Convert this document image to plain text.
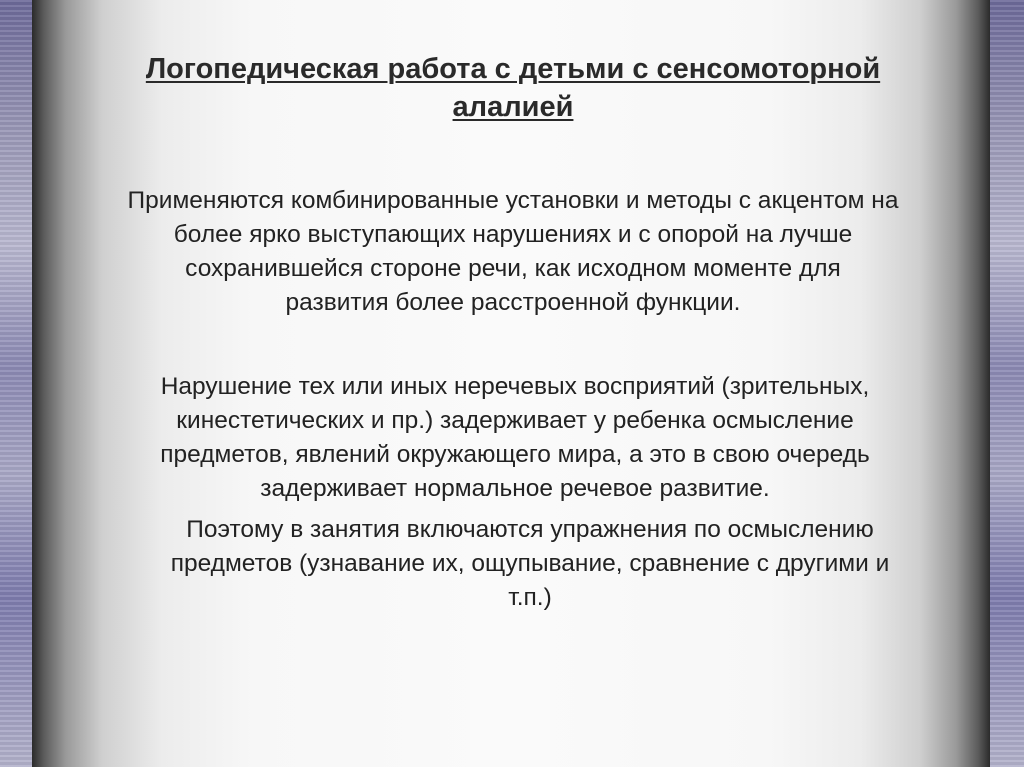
Логопедическая работа с детьми с сенсомоторной
алалией

Применяются комбинированные установки и методы с акцентом на
более ярко выступающих нарушениях и с опорой на лучше
сохранившейся стороне речи, как исходном моменте для
развития более расстроенной функции.

Нарушение тех или иных неречевых восприятий (зрительных,
кинестетических и пр.) задерживает у ребенка осмысление
предметов, явлений окружающего мира, а это в свою очередь
задерживает нормальное речевое развитие.

Поэтому в занятия включаются упражнения по осмыслению
предметов (узнавание их, ощупывание, сравнение с другими и
т.п.)
